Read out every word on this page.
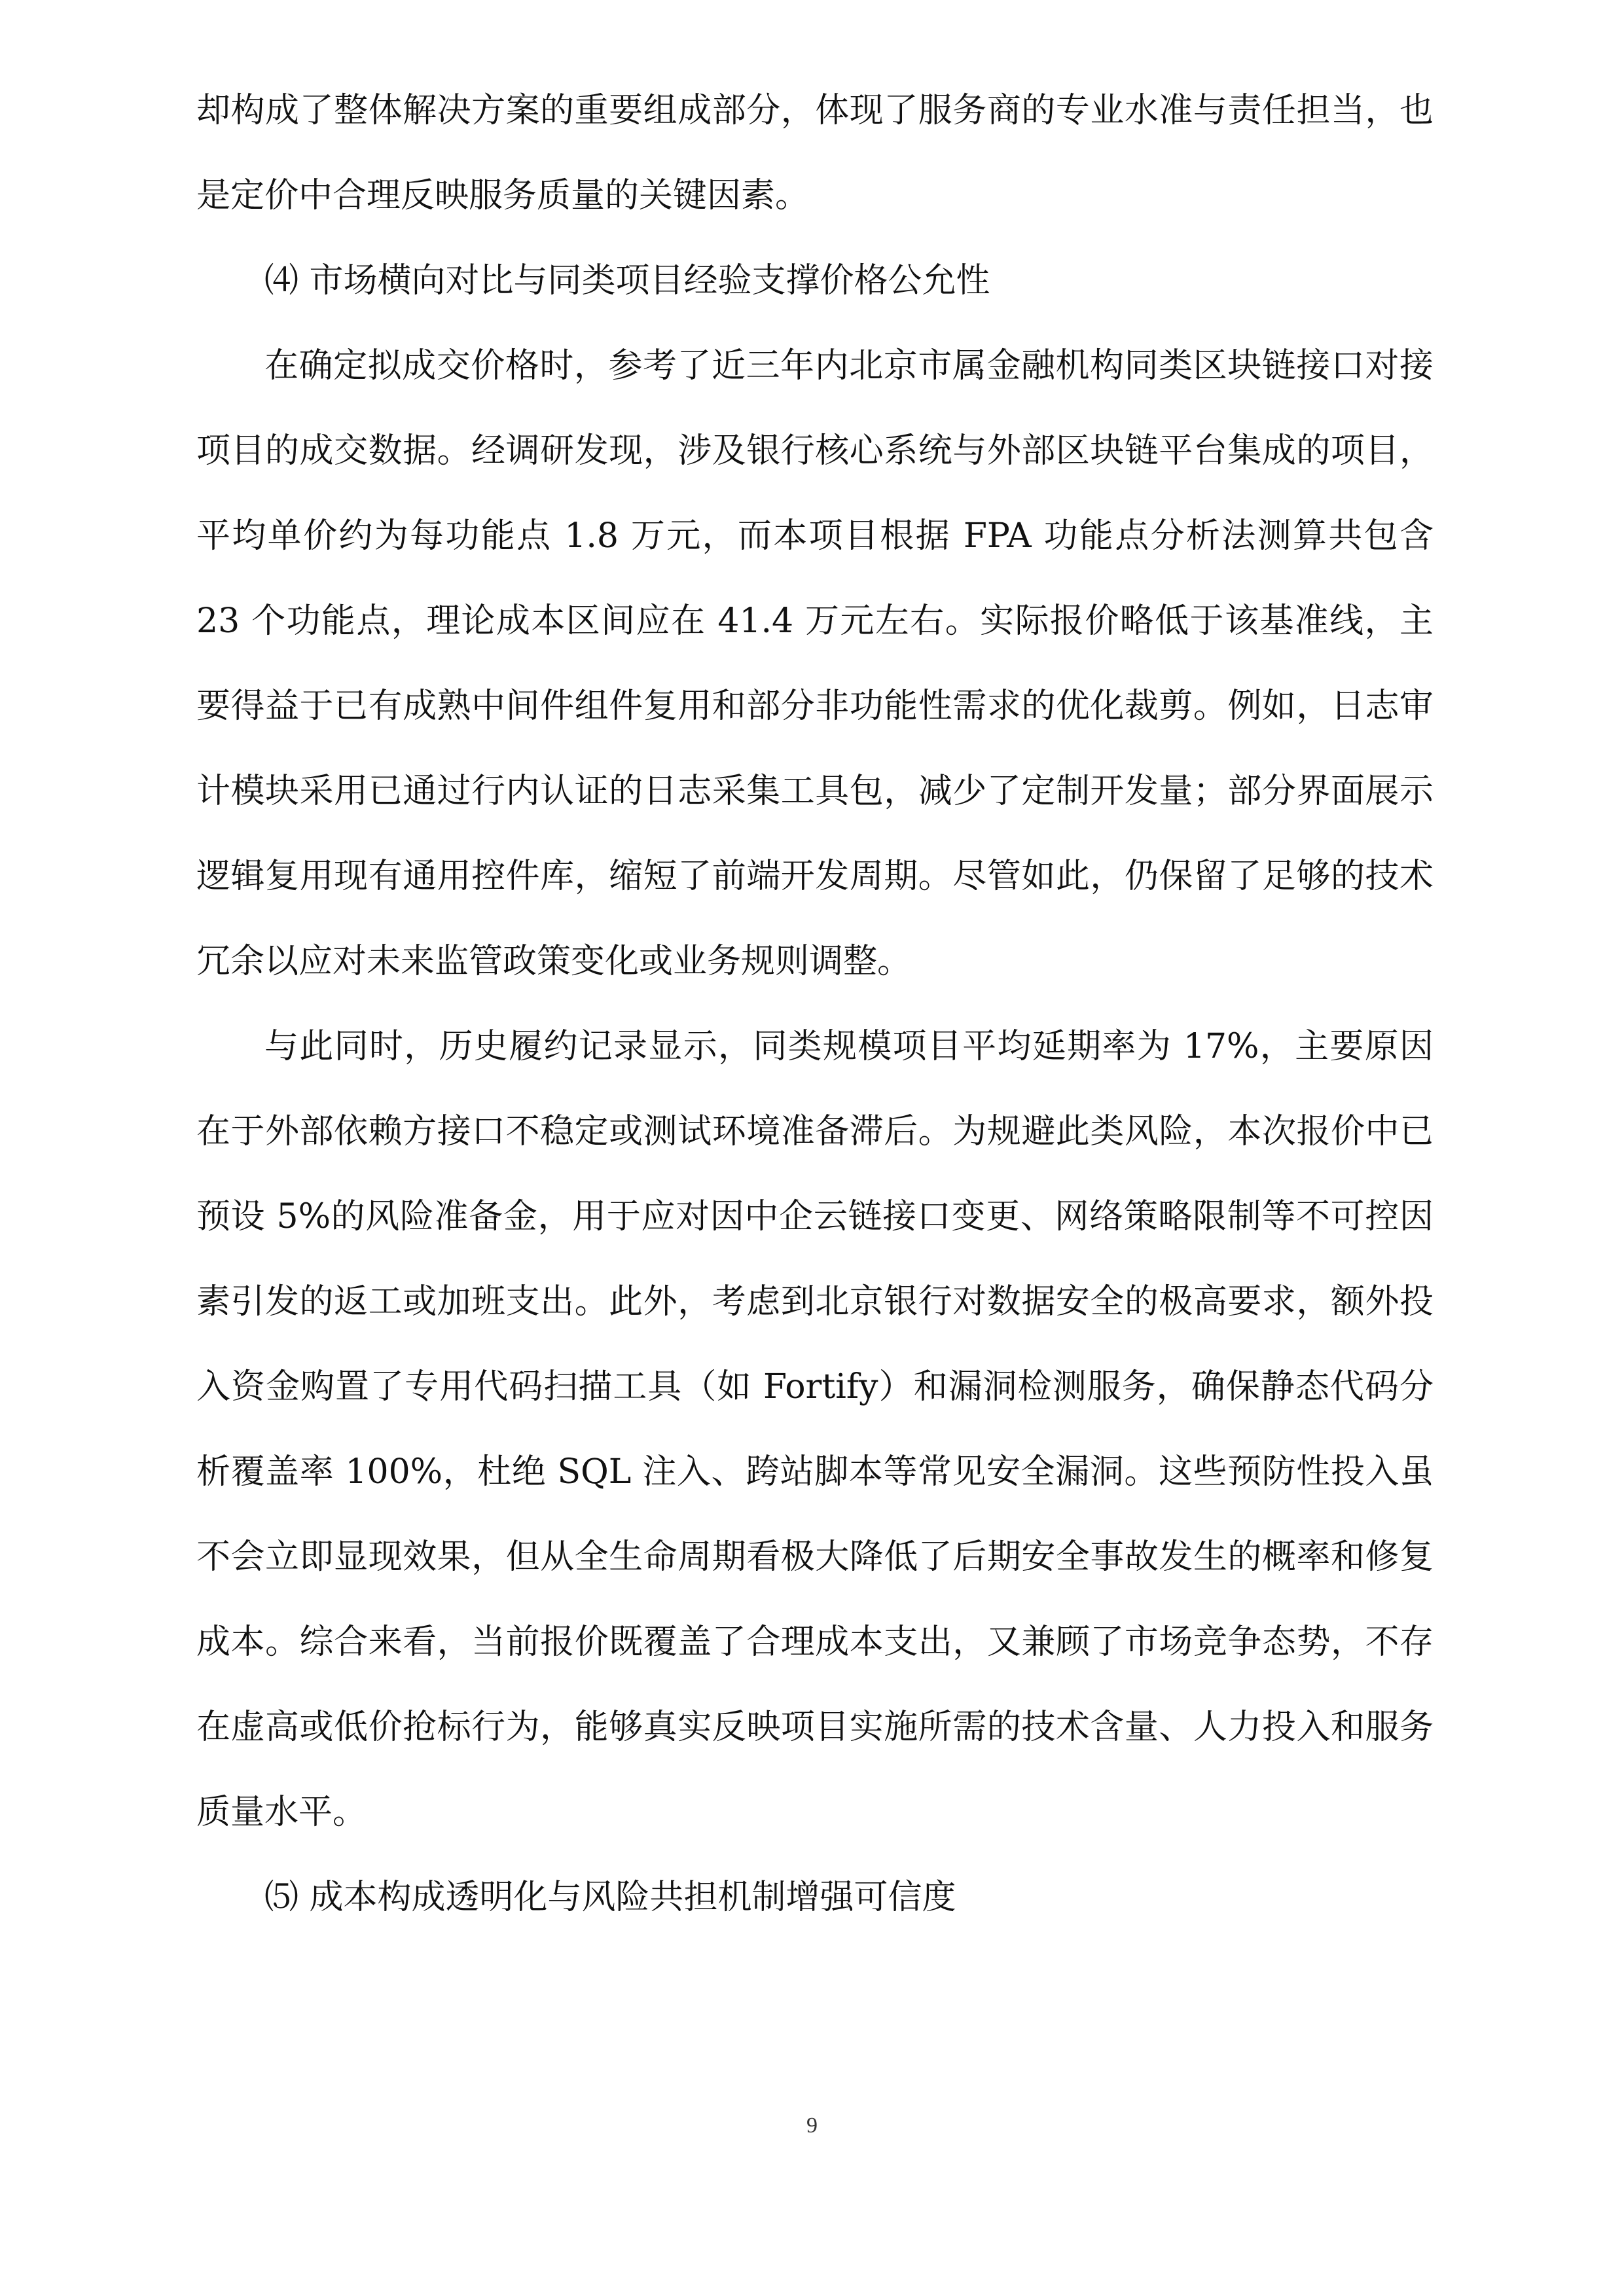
却构成了整体解决方案的重要组成部分，体现了服务商的专业水准与责任担当，也是定价中合理反映服务质量的关键因素。

⑷ 市场横向对比与同类项目经验支撑价格公允性

在确定拟成交价格时，参考了近三年内北京市属金融机构同类区块链接口对接项目的成交数据。经调研发现，涉及银行核心系统与外部区块链平台集成的项目，平均单价约为每功能点 1.8 万元，而本项目根据 FPA 功能点分析法测算共包含 23 个功能点，理论成本区间应在 41.4 万元左右。实际报价略低于该基准线，主要得益于已有成熟中间件组件复用和部分非功能性需求的优化裁剪。例如，日志审计模块采用已通过行内认证的日志采集工具包，减少了定制开发量；部分界面展示逻辑复用现有通用控件库，缩短了前端开发周期。尽管如此，仍保留了足够的技术冗余以应对未来监管政策变化或业务规则调整。

与此同时，历史履约记录显示，同类规模项目平均延期率为 17%，主要原因在于外部依赖方接口不稳定或测试环境准备滞后。为规避此类风险，本次报价中已预设 5%的风险准备金，用于应对因中企云链接口变更、网络策略限制等不可控因素引发的返工或加班支出。此外，考虑到北京银行对数据安全的极高要求，额外投入资金购置了专用代码扫描工具（如 Fortify）和漏洞检测服务，确保静态代码分析覆盖率 100%，杜绝 SQL 注入、跨站脚本等常见安全漏洞。这些预防性投入虽不会立即显现效果，但从全生命周期看极大降低了后期安全事故发生的概率和修复成本。综合来看，当前报价既覆盖了合理成本支出，又兼顾了市场竞争态势，不存在虚高或低价抢标行为，能够真实反映项目实施所需的技术含量、人力投入和服务质量水平。

⑸ 成本构成透明化与风险共担机制增强可信度

9
